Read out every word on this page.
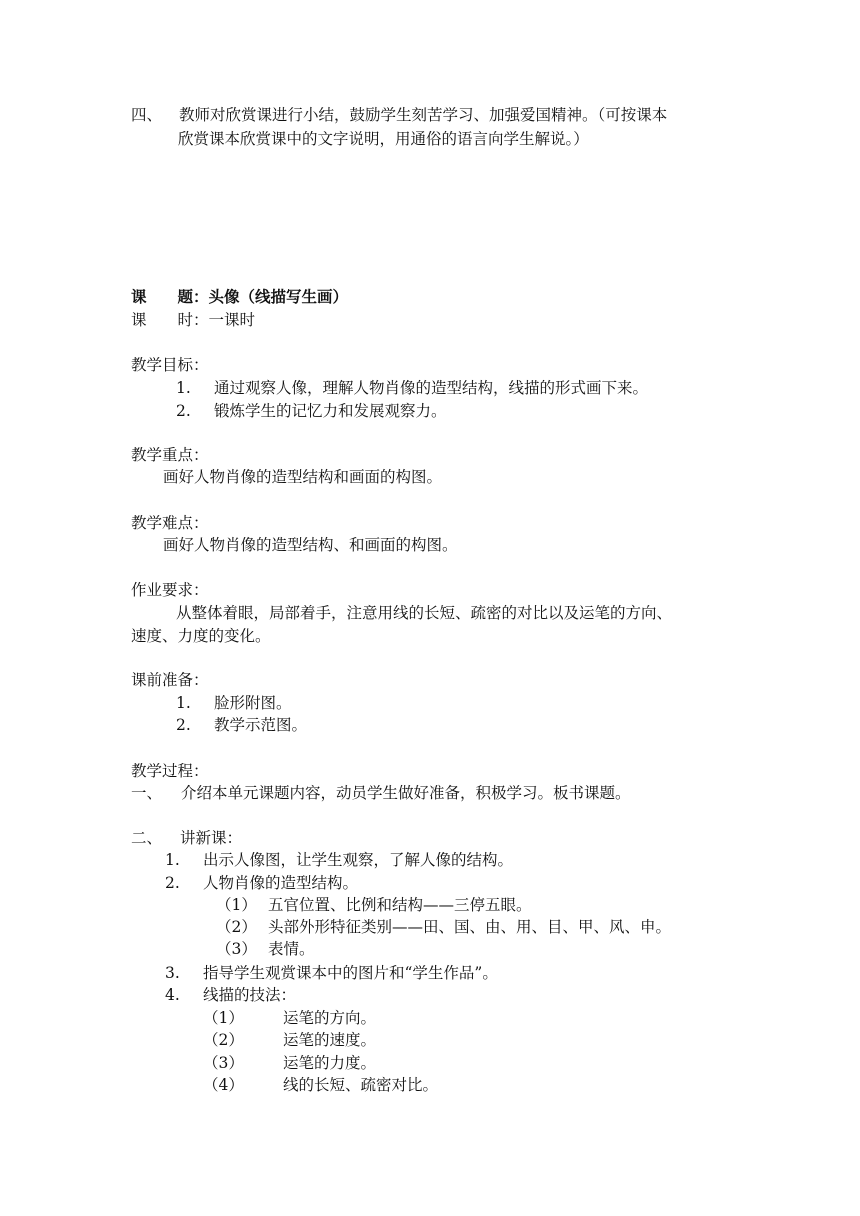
四、 教师对欣赏课进行小结，鼓励学生刻苦学习、加强爱国精神。（可按课本
欣赏课本欣赏课中的文字说明，用通俗的语言向学生解说。）
课　　题：头像（线描写生画）
课　　时：一课时
教学目标：
1. 通过观察人像，理解人物肖像的造型结构，线描的形式画下来。
2. 锻炼学生的记忆力和发展观察力。
教学重点：
画好人物肖像的造型结构和画面的构图。
教学难点：
画好人物肖像的造型结构、和画面的构图。
作业要求：
从整体着眼，局部着手，注意用线的长短、疏密的对比以及运笔的方向、
速度、力度的变化。
课前准备：
1. 脸形附图。
2. 教学示范图。
教学过程：
一、 介绍本单元课题内容，动员学生做好准备，积极学习。板书课题。
二、 讲新课：
1. 出示人像图，让学生观察，了解人像的结构。
2. 人物肖像的造型结构。
（1） 五官位置、比例和结构——三停五眼。
（2） 头部外形特征类别——田、国、由、用、目、甲、风、申。
（3） 表情。
3. 指导学生观赏课本中的图片和“学生作品”。
4. 线描的技法：
（1）	运笔的方向。
（2）	运笔的速度。
（3）	运笔的力度。
（4）	线的长短、疏密对比。
